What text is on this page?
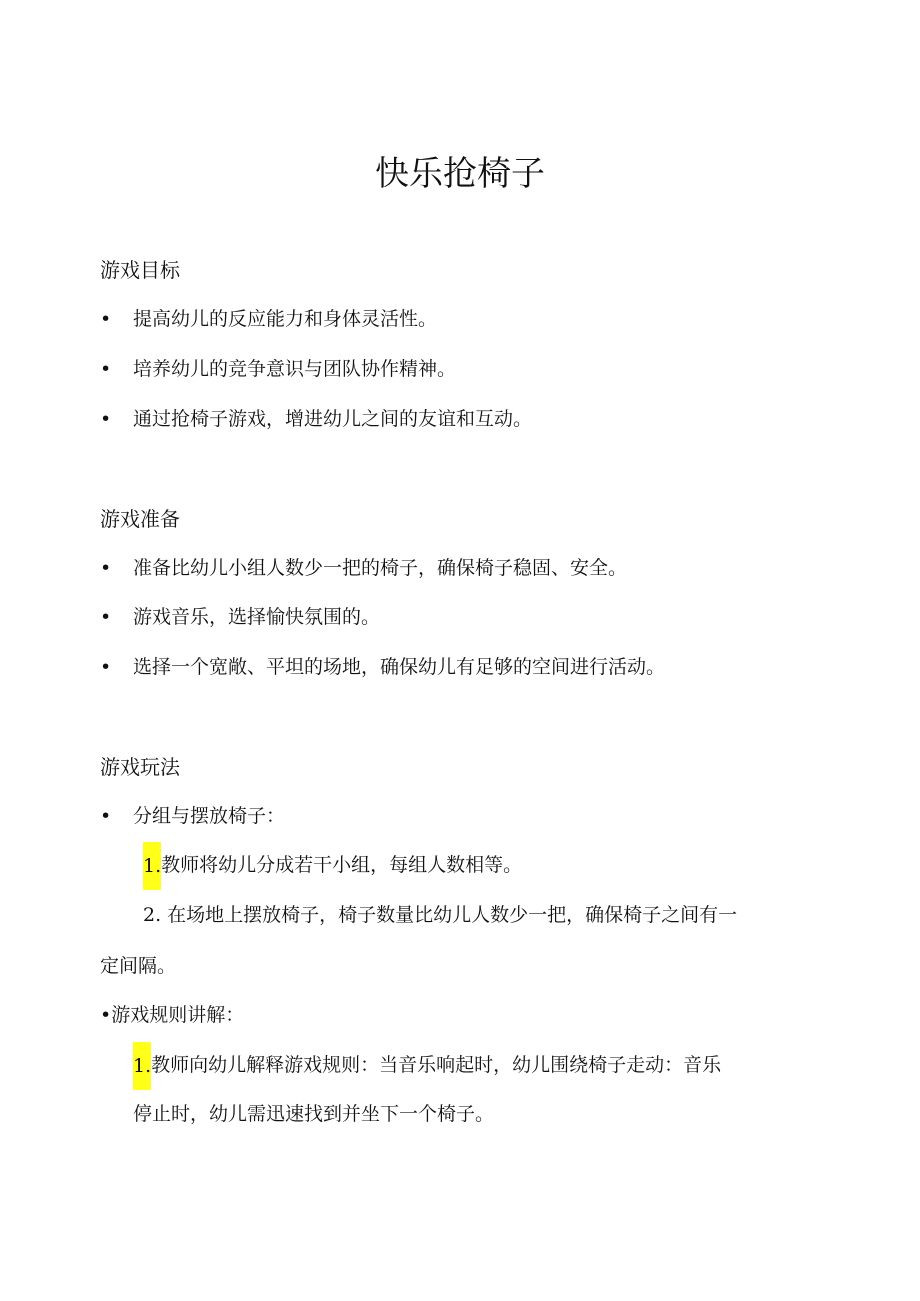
快乐抢椅子
游戏目标
• 提高幼儿的反应能力和身体灵活性。
• 培养幼儿的竞争意识与团队协作精神。
• 通过抢椅子游戏，增进幼儿之间的友谊和互动。
游戏准备
• 准备比幼儿小组人数少一把的椅子，确保椅子稳固、安全。
• 游戏音乐，选择愉快氛围的。
• 选择一个宽敞、平坦的场地，确保幼儿有足够的空间进行活动。
游戏玩法
• 分组与摆放椅子：
1.教师将幼儿分成若干小组，每组人数相等。
2. 在场地上摆放椅子，椅子数量比幼儿人数少一把，确保椅子之间有一
定间隔。
•游戏规则讲解：
1.教师向幼儿解释游戏规则：当音乐响起时，幼儿围绕椅子走动：音乐
停止时，幼儿需迅速找到并坐下一个椅子。
